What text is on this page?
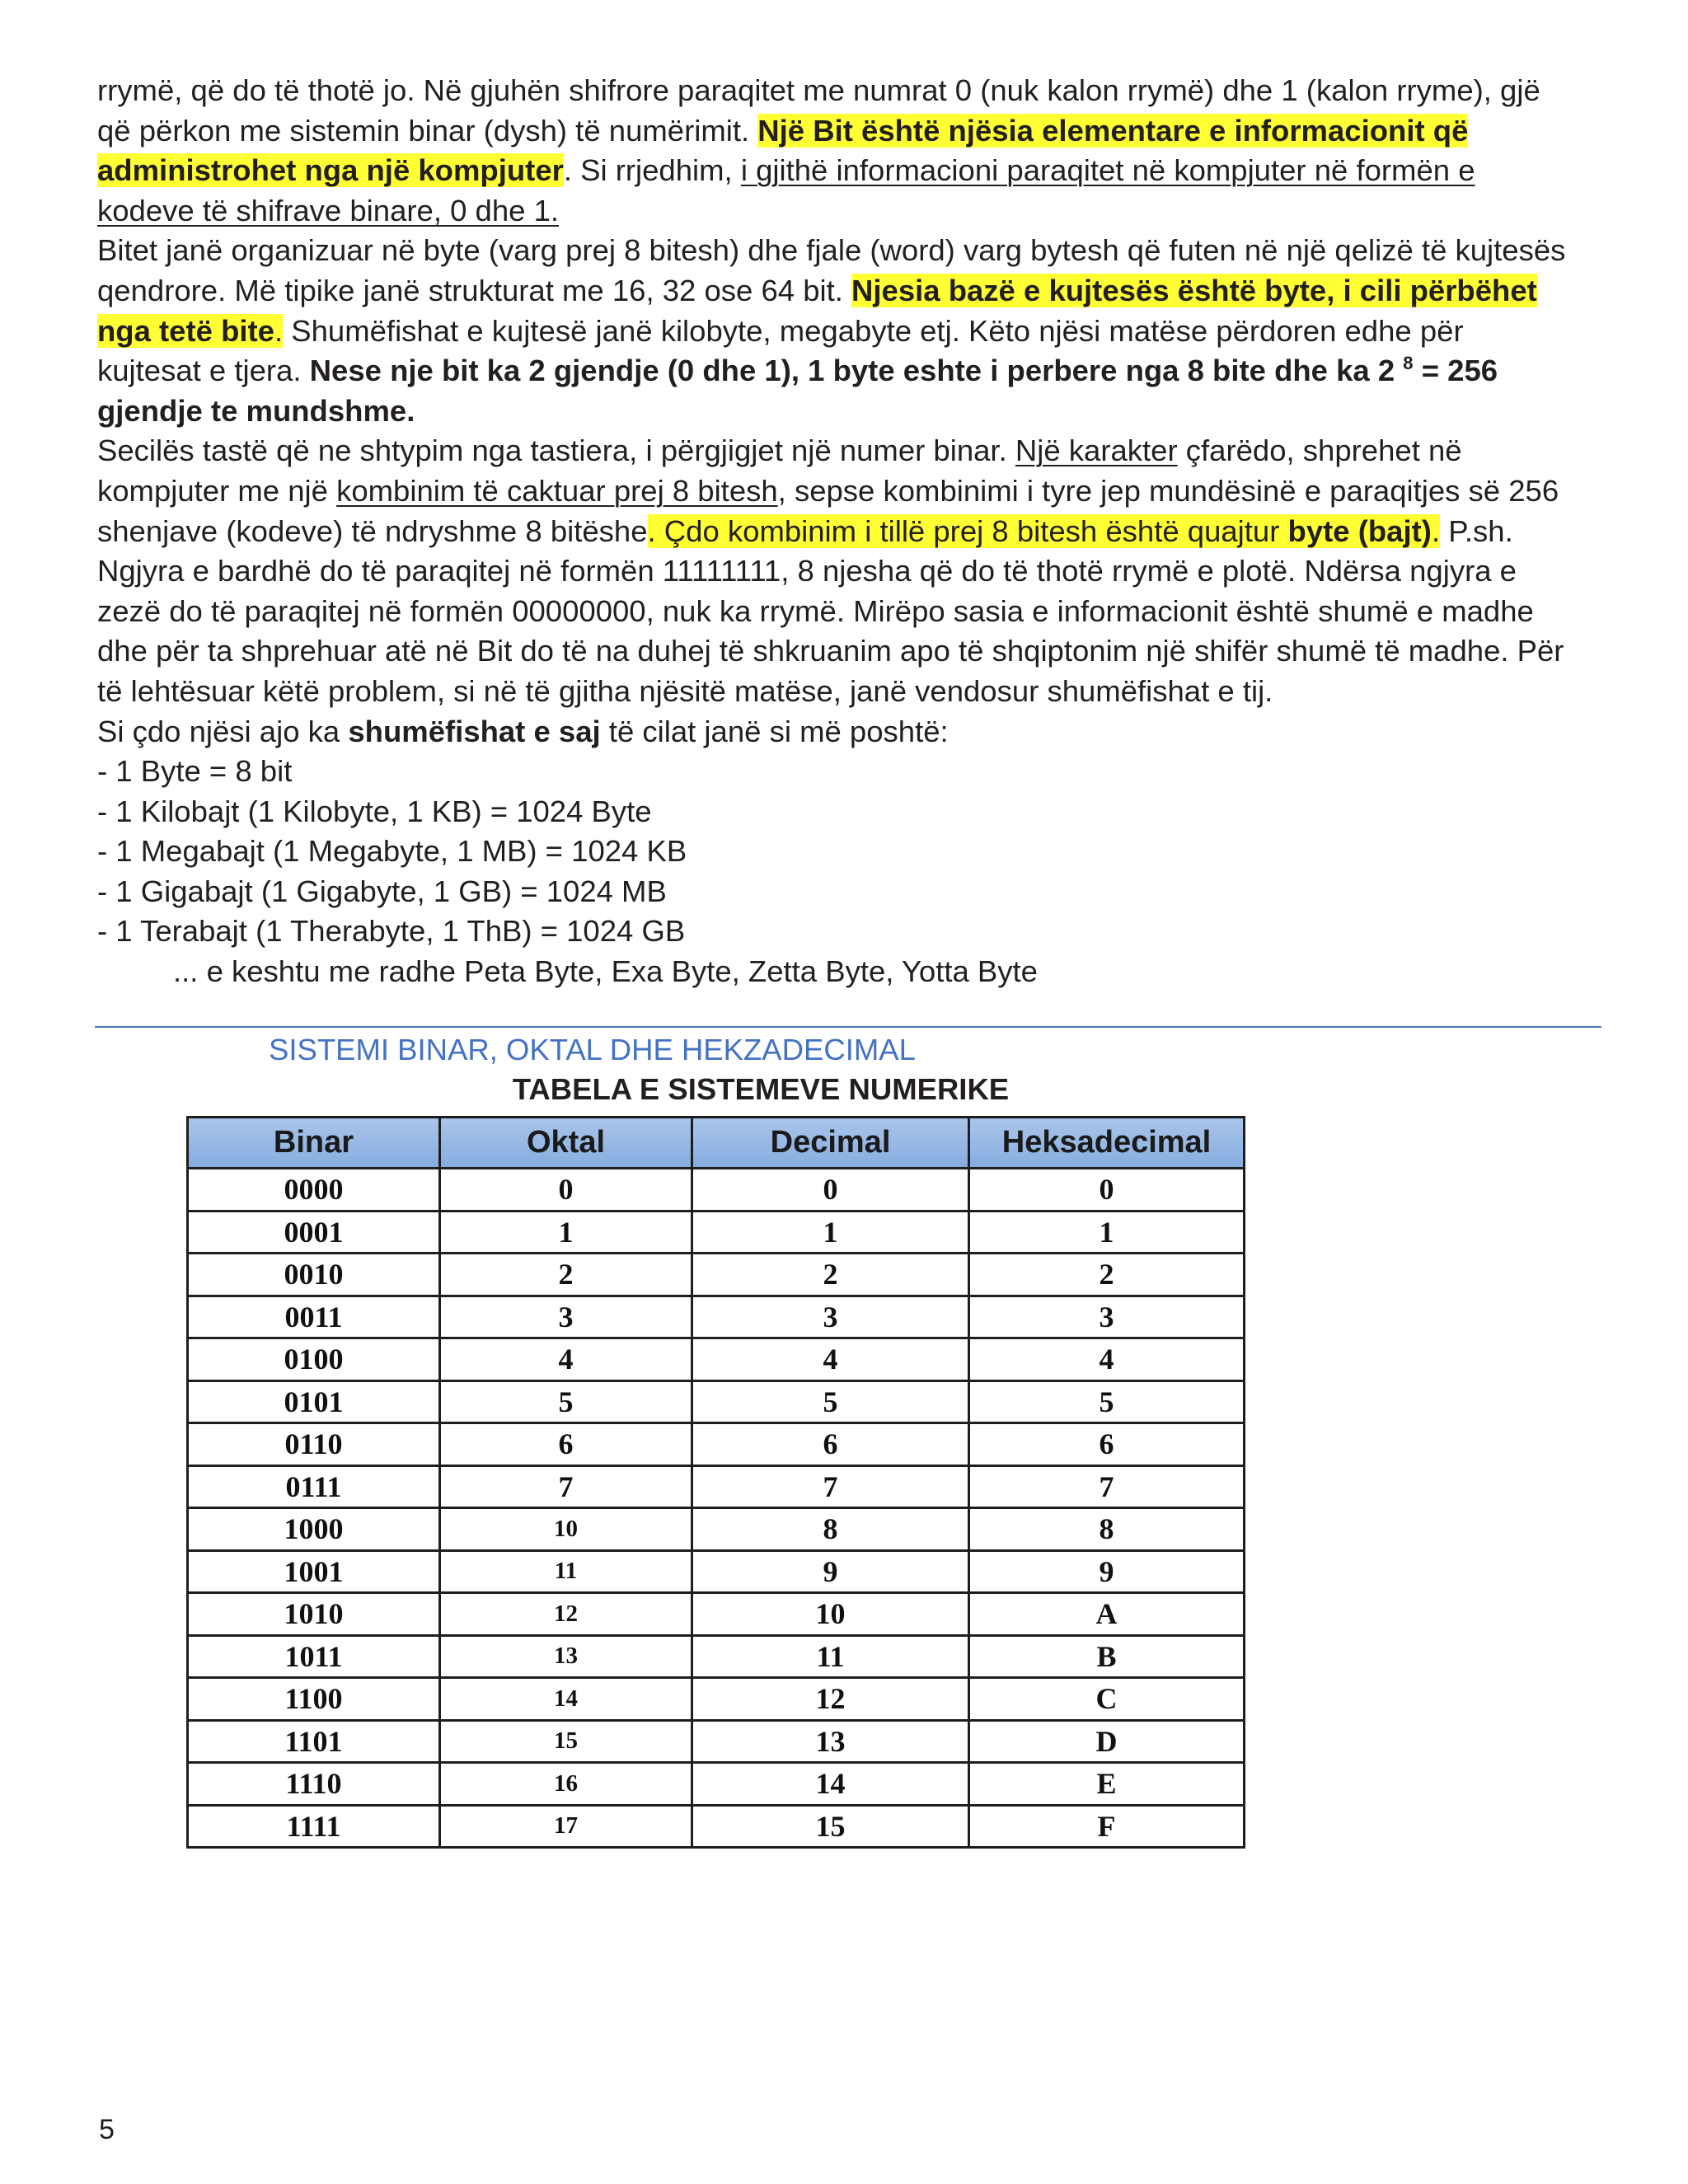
rrymë, që do të thotë jo. Në gjuhën shifrore paraqitet me numrat 0 (nuk kalon rrymë) dhe 1 (kalon rryme), gjë
që përkon me sistemin binar (dysh) të numërimit. Një Bit është njësia elementare e informacionit që
administrohet nga një kompjuter. Si rrjedhim, i gjithë informacioni paraqitet në kompjuter në formën e
kodeve të shifrave binare, 0 dhe 1.
Bitet janë organizuar në byte (varg prej 8 bitesh) dhe fjale (word) varg bytesh që futen në një qelizë të kujtesës
qendrore. Më tipike janë strukturat me 16, 32 ose 64 bit. Njesia bazë e kujtesës është byte, i cili përbëhet
nga tetë bite. Shumëfishat e kujtesë janë kilobyte, megabyte etj. Këto njësi matëse përdoren edhe për
kujtesat e tjera. Nese nje bit ka 2 gjendje (0 dhe 1), 1 byte eshte i perbere nga 8 bite dhe ka 2 $^8$ = 256
gjendje te mundshme.
Secilës tastë që ne shtypim nga tastiera, i përgjigjet një numer binar. Një karakter çfarëdo, shprehet në
kompjuter me një kombinim të caktuar prej 8 bitesh, sepse kombinimi i tyre jep mundësinë e paraqitjes së 256
shenjave (kodeve) të ndryshme 8 bitëshe. Çdo kombinim i tillë prej 8 bitesh është quajtur byte (bajt). P.sh.
Ngjyra e bardhë do të paraqitej në formën 11111111, 8 njesha që do të thotë rrymë e plotë. Ndërsa ngjyra e
zezë do të paraqitej në formën 00000000, nuk ka rrymë. Mirëpo sasia e informacionit është shumë e madhe
dhe për ta shprehuar atë në Bit do të na duhej të shkruanim apo të shqiptonim një shifër shumë të madhe. Për
të lehtësuar këtë problem, si në të gjitha njësitë matëse, janë vendosur shumëfishat e tij.
Si çdo njësi ajo ka shumëfishat e saj të cilat janë si më poshtë:
- 1 Byte = 8 bit
- 1 Kilobajt (1 Kilobyte, 1 KB) = 1024 Byte
- 1 Megabajt (1 Megabyte, 1 MB) = 1024 KB
- 1 Gigabajt (1 Gigabyte, 1 GB) = 1024 MB
- 1 Terabajt (1 Therabyte, 1 ThB) = 1024 GB
... e keshtu me radhe Peta Byte, Exa Byte, Zetta Byte, Yotta Byte
SISTEMI BINAR, OKTAL DHE HEKZADECIMAL
TABELA E SISTEMEVE NUMERIKE
Binar	Oktal	Decimal	Heksadecimal
0000	0	0	0
0001	1	1	1
0010	2	2	2
0011	3	3	3
0100	4	4	4
0101	5	5	5
0110	6	6	6
0111	7	7	7
1000	10	8	8
1001	11	9	9
1010	12	10	A
1011	13	11	B
1100	14	12	C
1101	15	13	D
1110	16	14	E
1111	17	15	F
5
